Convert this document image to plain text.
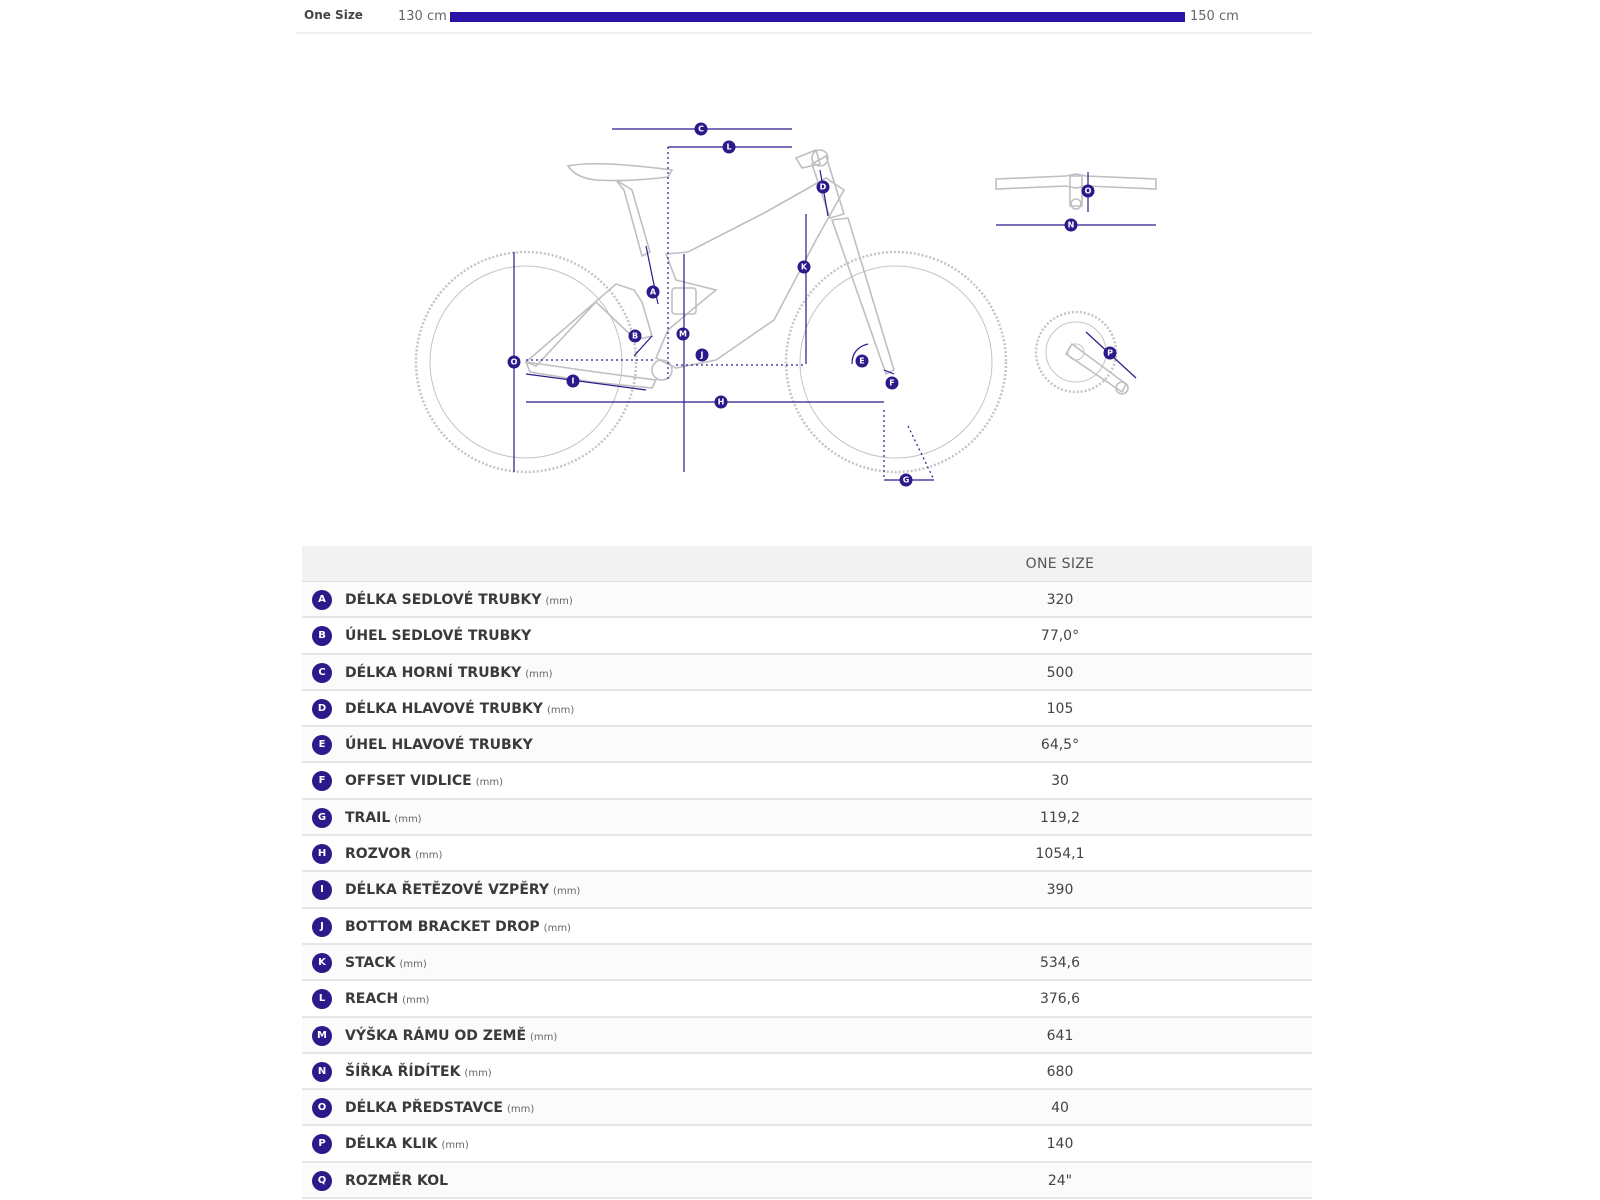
One Size	130 cm	150 cm
C
L
D
K
A
B	M
J
E
F
O
I
H
G
O
N
P
ONE SIZE
A	DÉLKA SEDLOVÉ TRUBKY (mm)	320
B	ÚHEL SEDLOVÉ TRUBKY	77,0°
C	DÉLKA HORNÍ TRUBKY (mm)	500
D	DÉLKA HLAVOVÉ TRUBKY (mm)	105
E	ÚHEL HLAVOVÉ TRUBKY	64,5°
F	OFFSET VIDLICE (mm)	30
G	TRAIL (mm)	119,2
H	ROZVOR (mm)	1054,1
I	DÉLKA ŘETĚZOVÉ VZPĚRY (mm)	390
J	BOTTOM BRACKET DROP (mm)
K	STACK (mm)	534,6
L	REACH (mm)	376,6
M	VÝŠKA RÁMU OD ZEMĚ (mm)	641
N	ŠÍŘKA ŘÍDÍTEK (mm)	680
O	DÉLKA PŘEDSTAVCE (mm)	40
P	DÉLKA KLIK (mm)	140
Q	ROZMĚR KOL	24"
